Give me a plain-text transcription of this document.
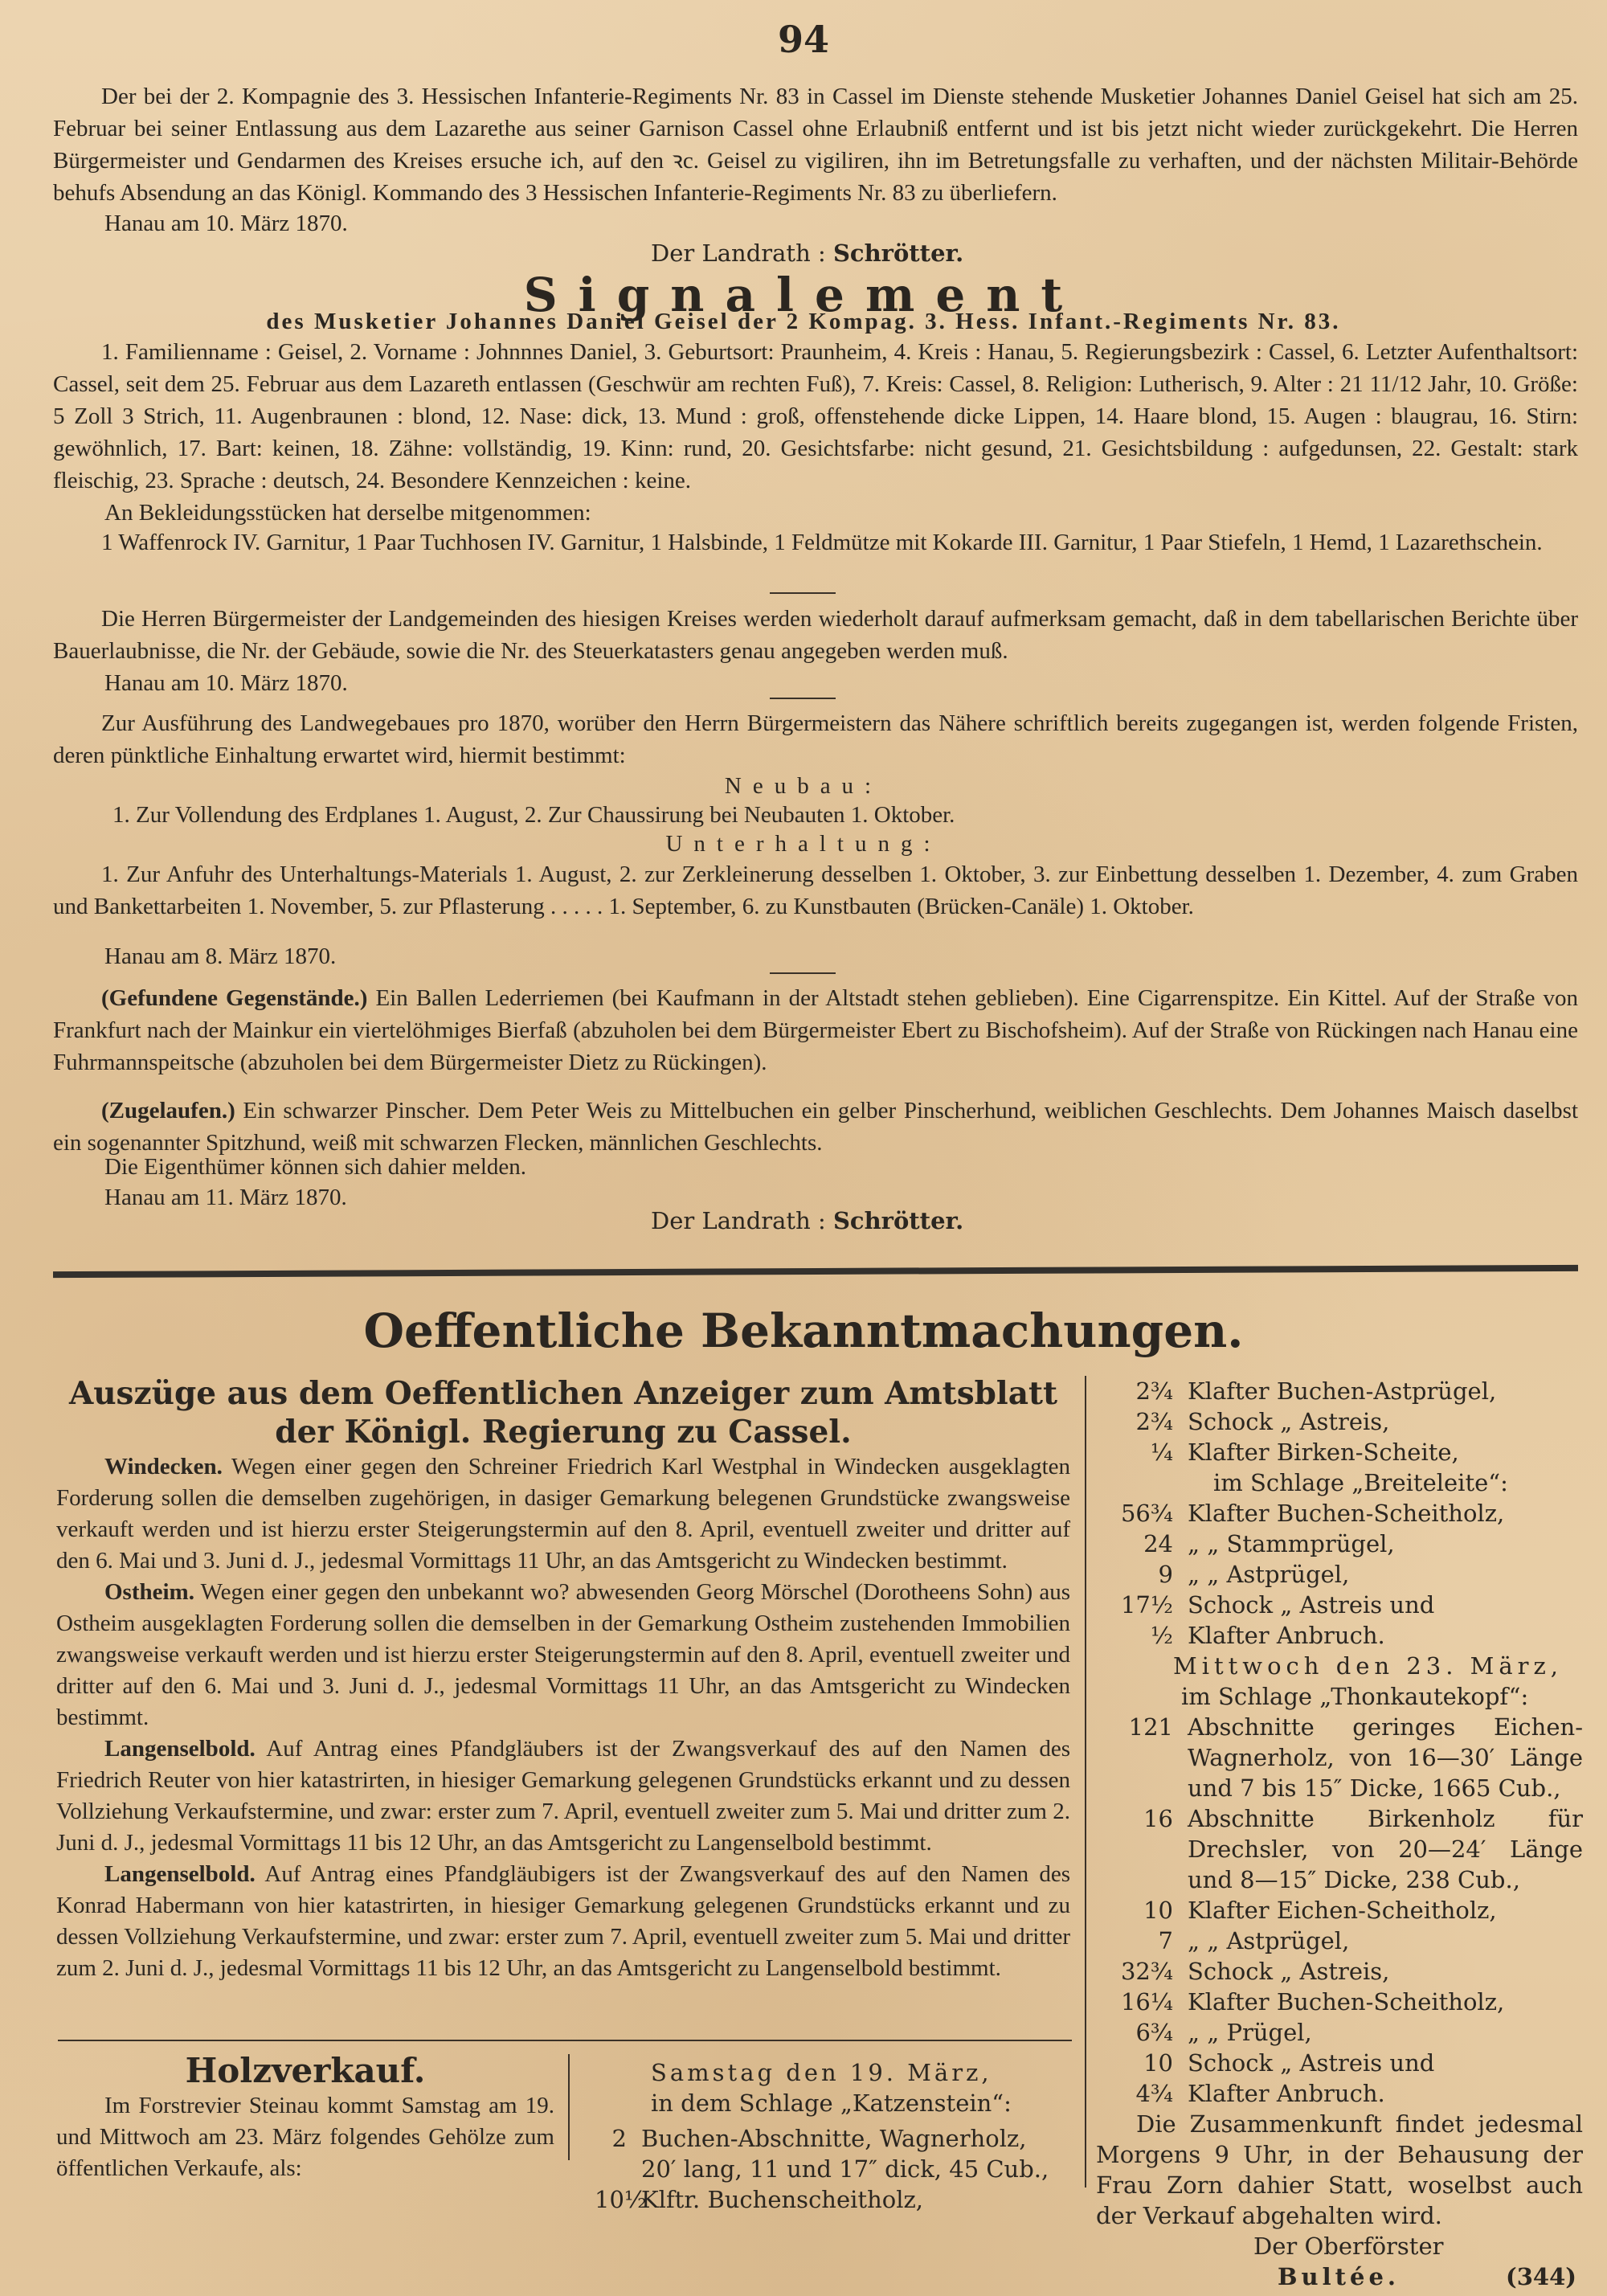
94
Der bei der 2. Kompagnie des 3. Hessischen Infanterie-Regiments Nr. 83 in Cassel im Dienste stehende Musketier Johannes Daniel Geisel hat sich am 25. Februar bei seiner Entlassung aus dem Lazarethe aus seiner Garnison Cassel ohne Erlaubniß entfernt und ist bis jetzt nicht wieder zurückgekehrt. Die Herren Bürgermeister und Gendarmen des Kreises ersuche ich, auf den ꝛc. Geisel zu vigiliren, ihn im Betretungsfalle zu verhaften, und der nächsten Militair-Behörde behufs Absendung an das Königl. Kommando des 3 Hessischen Infanterie-Regiments Nr. 83 zu überliefern.
Hanau am 10. März 1870.
Der Landrath : Schrötter.
Signalement
des Musketier Johannes Daniel Geisel der 2 Kompag. 3. Hess. Infant.-Regiments Nr. 83.
1. Familienname : Geisel, 2. Vorname : Johnnnes Daniel, 3. Geburtsort: Praunheim, 4. Kreis : Hanau, 5. Regierungsbezirk : Cassel, 6. Letzter Aufenthaltsort: Cassel, seit dem 25. Februar aus dem Lazareth entlassen (Geschwür am rechten Fuß), 7. Kreis: Cassel, 8. Religion: Lutherisch, 9. Alter : 21 11/12 Jahr, 10. Größe: 5 Zoll 3 Strich, 11. Augenbraunen : blond, 12. Nase: dick, 13. Mund : groß, offenstehende dicke Lippen, 14. Haare blond, 15. Augen : blaugrau, 16. Stirn: gewöhnlich, 17. Bart: keinen, 18. Zähne: vollständig, 19. Kinn: rund, 20. Gesichtsfarbe: nicht gesund, 21. Gesichtsbildung : aufgedunsen, 22. Gestalt: stark fleischig, 23. Sprache : deutsch, 24. Besondere Kennzeichen : keine.
An Bekleidungsstücken hat derselbe mitgenommen:
1 Waffenrock IV. Garnitur, 1 Paar Tuchhosen IV. Garnitur, 1 Halsbinde, 1 Feldmütze mit Kokarde III. Garnitur, 1 Paar Stiefeln, 1 Hemd, 1 Lazarethschein.
Die Herren Bürgermeister der Landgemeinden des hiesigen Kreises werden wiederholt darauf aufmerksam gemacht, daß in dem tabellarischen Berichte über Bauerlaubnisse, die Nr. der Gebäude, sowie die Nr. des Steuerkatasters genau angegeben werden muß.
Hanau am 10. März 1870.
Zur Ausführung des Landwegebaues pro 1870, worüber den Herrn Bürgermeistern das Nähere schriftlich bereits zugegangen ist, werden folgende Fristen, deren pünktliche Einhaltung erwartet wird, hiermit bestimmt:
Neubau:
1. Zur Vollendung des Erdplanes 1. August, 2. Zur Chaussirung bei Neubauten 1. Oktober.
Unterhaltung:
1. Zur Anfuhr des Unterhaltungs-Materials 1. August, 2. zur Zerkleinerung desselben 1. Oktober, 3. zur Einbettung desselben 1. Dezember, 4. zum Graben und Bankettarbeiten 1. November, 5. zur Pflasterung . . . . . 1. September, 6. zu Kunstbauten (Brücken-Canäle) 1. Oktober.
Hanau am 8. März 1870.
(Gefundene Gegenstände.) Ein Ballen Lederriemen (bei Kaufmann in der Altstadt stehen geblieben). Eine Cigarrenspitze. Ein Kittel. Auf der Straße von Frankfurt nach der Mainkur ein viertelöhmiges Bierfaß (abzuholen bei dem Bürgermeister Ebert zu Bischofsheim). Auf der Straße von Rückingen nach Hanau eine Fuhrmannspeitsche (abzuholen bei dem Bürgermeister Dietz zu Rückingen).
(Zugelaufen.) Ein schwarzer Pinscher. Dem Peter Weis zu Mittelbuchen ein gelber Pinscherhund, weiblichen Geschlechts. Dem Johannes Maisch daselbst ein sogenannter Spitzhund, weiß mit schwarzen Flecken, männlichen Geschlechts.
Die Eigenthümer können sich dahier melden.
Hanau am 11. März 1870.
Der Landrath : Schrötter.
Oeffentliche Bekanntmachungen.
Auszüge aus dem Oeffentlichen Anzeiger zum Amtsblatt
der Königl. Regierung zu Cassel.
Windecken. Wegen einer gegen den Schreiner Friedrich Karl Westphal in Windecken ausgeklagten Forderung sollen die demselben zugehörigen, in dasiger Gemarkung belegenen Grundstücke zwangsweise verkauft werden und ist hierzu erster Steigerungstermin auf den 8. April, eventuell zweiter und dritter auf den 6. Mai und 3. Juni d. J., jedesmal Vormittags 11 Uhr, an das Amtsgericht zu Windecken bestimmt.
Ostheim. Wegen einer gegen den unbekannt wo? abwesenden Georg Mörschel (Dorotheens Sohn) aus Ostheim ausgeklagten Forderung sollen die demselben in der Gemarkung Ostheim zustehenden Immobilien zwangsweise verkauft werden und ist hierzu erster Steigerungstermin auf den 8. April, eventuell zweiter und dritter auf den 6. Mai und 3. Juni d. J., jedesmal Vormittags 11 Uhr, an das Amtsgericht zu Windecken bestimmt.
Langenselbold. Auf Antrag eines Pfandgläubers ist der Zwangsverkauf des auf den Namen des Friedrich Reuter von hier katastrirten, in hiesiger Gemarkung gelegenen Grundstücks erkannt und zu dessen Vollziehung Verkaufstermine, und zwar: erster zum 7. April, eventuell zweiter zum 5. Mai und dritter zum 2. Juni d. J., jedesmal Vormittags 11 bis 12 Uhr, an das Amtsgericht zu Langenselbold bestimmt.
Langenselbold. Auf Antrag eines Pfandgläubigers ist der Zwangsverkauf des auf den Namen des Konrad Habermann von hier katastrirten, in hiesiger Gemarkung gelegenen Grundstücks erkannt und zu dessen Vollziehung Verkaufstermine, und zwar: erster zum 7. April, eventuell zweiter zum 5. Mai und dritter zum 2. Juni d. J., jedesmal Vormittags 11 bis 12 Uhr, an das Amtsgericht zu Langenselbold bestimmt.
Holzverkauf.
Im Forstrevier Steinau kommt Samstag am 19. und Mittwoch am 23. März folgendes Gehölze zum öffentlichen Verkaufe, als:
Samstag den 19. März,
in dem Schlage „Katzenstein“:
2 Buchen-Abschnitte, Wagnerholz, 20′ lang, 11 und 17″ dick, 45 Cub.,
10½
Klftr. Buchenscheitholz,
2¾ Klafter Buchen-Astprügel,
2¾ Schock „ Astreis,
¼ Klafter Birken-Scheite,
im Schlage „Breiteleite“:
56¾ Klafter Buchen-Scheitholz,
24 „ „ Stammprügel,
9 „ „ Astprügel,
17½ Schock „ Astreis und
½ Klafter Anbruch.
Mittwoch den 23. März,
im Schlage „Thonkautekopf“:
121 Abschnitte geringes Eichen-Wagnerholz, von 16—30′ Länge und 7 bis 15″ Dicke, 1665 Cub.,
16 Abschnitte Birkenholz für Drechsler, von 20—24′ Länge und 8—15″ Dicke, 238 Cub.,
10 Klafter Eichen-Scheitholz,
7 „ „ Astprügel,
32¾ Schock „ Astreis,
16¼ Klafter Buchen-Scheitholz,
6¾ „ „ Prügel,
10 Schock „ Astreis und
4¾ Klafter Anbruch.
Die Zusammenkunft findet jedesmal Morgens 9 Uhr, in der Behausung der Frau Zorn dahier Statt, woselbst auch der Verkauf abgehalten wird.
Der Oberförster
Bultée.	(344)
